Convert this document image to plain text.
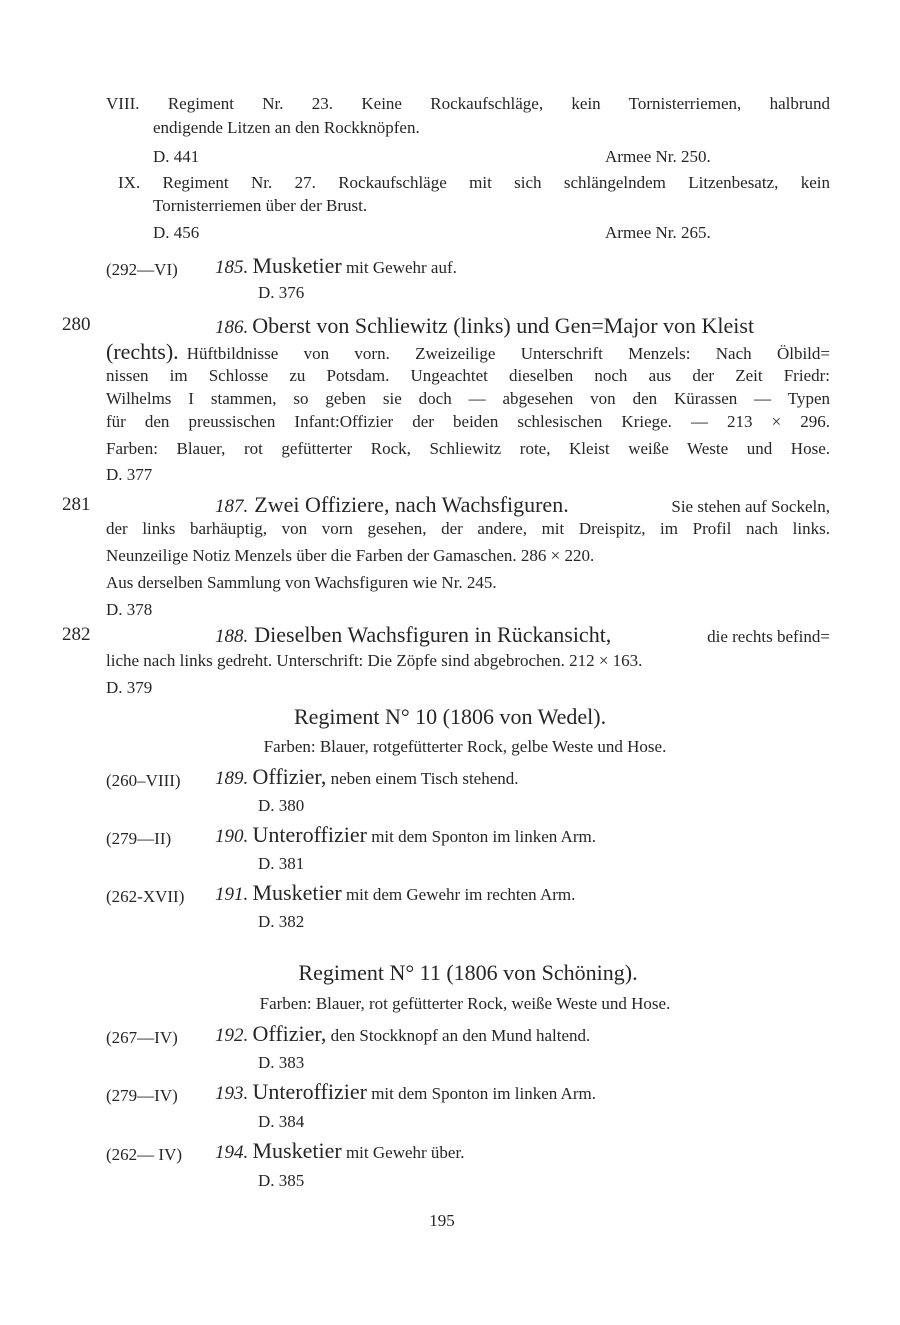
VIII. Regiment Nr. 23. Keine Rockaufschläge, kein Tornisterriemen, halbrund
endigende Litzen an den Rockknöpfen.
D. 441	Armee Nr. 250.
IX. Regiment Nr. 27. Rockaufschläge mit sich schlängelndem Litzenbesatz, kein
Tornisterriemen über der Brust.
D. 456	Armee Nr. 265.
(292—VI) 185. Musketier mit Gewehr auf.
D. 376
280	186. Oberst von Schliewitz (links) und Gen=Major von Kleist
(rechts). Hüftbildnisse von vorn. Zweizeilige Unterschrift Menzels: Nach Ölbild=
nissen im Schlosse zu Potsdam. Ungeachtet dieselben noch aus der Zeit Friedr:
Wilhelms I stammen, so geben sie doch — abgesehen von den Kürassen — Typen
für den preussischen Infant:Offizier der beiden schlesischen Kriege. — 213 × 296.
Farben: Blauer, rot gefütterter Rock, Schliewitz rote, Kleist weiße Weste und Hose.
D. 377
281	187. Zwei Offiziere, nach Wachsfiguren.	Sie stehen auf Sockeln,
der links barhäuptig, von vorn gesehen, der andere, mit Dreispitz, im Profil nach links.
Neunzeilige Notiz Menzels über die Farben der Gamaschen. 286 × 220.
Aus derselben Sammlung von Wachsfiguren wie Nr. 245.
D. 378
282	188. Dieselben Wachsfiguren in Rückansicht,	die rechts befind=
liche nach links gedreht. Unterschrift: Die Zöpfe sind abgebrochen. 212 × 163.
D. 379
Regiment N° 10 (1806 von Wedel).
Farben: Blauer, rotgefütterter Rock, gelbe Weste und Hose.
(260–VIII) 189. Offizier, neben einem Tisch stehend.
D. 380
(279—II) 190. Unteroffizier mit dem Sponton im linken Arm.
D. 381
(262-XVII) 191. Musketier mit dem Gewehr im rechten Arm.
D. 382
Regiment N° 11 (1806 von Schöning).
Farben: Blauer, rot gefütterter Rock, weiße Weste und Hose.
(267—IV) 192. Offizier, den Stockknopf an den Mund haltend.
D. 383
(279—IV) 193. Unteroffizier mit dem Sponton im linken Arm.
D. 384
(262— IV) 194. Musketier mit Gewehr über.
D. 385
195
